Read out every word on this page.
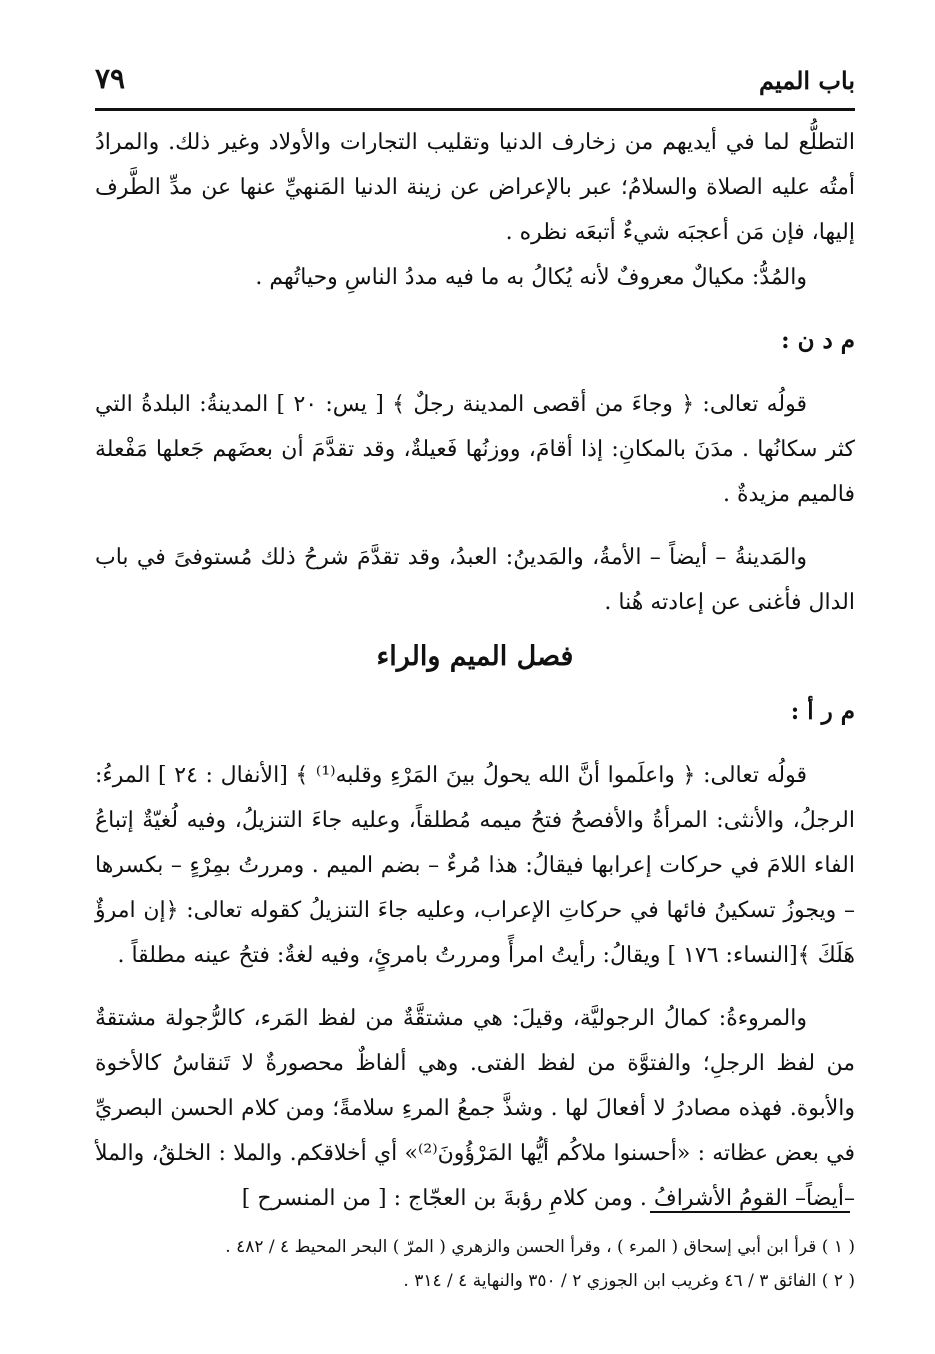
باب الميم
٧٩

التطلُّع لما في أيديهم من زخارف الدنيا وتقليب التجارات والأولاد وغير ذلك. والمرادُ أمتُه عليه الصلاة والسلامُ؛ عبر بالإعراض عن زينة الدنيا المَنهيِّ عنها عن مدِّ الطَّرف إليها، فإن مَن أعجبَه شيءٌ أتبعَه نظره .

والمُدُّ: مكيالٌ معروفٌ لأنه يُكالُ به ما فيه مددُ الناسِ وحياتُهم .

م د ن :

قولُه تعالى: ﴿ وجاءَ من أقصى المدينة رجلٌ ﴾ [ يس: ٢٠ ] المدينةُ: البلدةُ التي كثر سكانُها . مدَنَ بالمكانِ: إذا أقامَ، ووزنُها فَعيلةٌ، وقد تقدَّمَ أن بعضَهم جَعلها مَفْعلة فالميم مزيدةٌ .

والمَدينةُ – أيضاً – الأمةُ، والمَدينُ: العبدُ، وقد تقدَّمَ شرحُ ذلك مُستوفىً في باب الدال فأغنى عن إعادته هُنا .

فصل الميم والراء

م ر أ :

قولُه تعالى: ﴿ واعلَموا أنَّ الله يحولُ بينَ المَرْءِ وقلبه⁽¹⁾ ﴾ [الأنفال : ٢٤ ] المرءُ: الرجلُ، والأنثى: المرأةُ والأفصحُ فتحُ ميمه مُطلقاً، وعليه جاءَ التنزيلُ، وفيه لُغيّةٌ إتباعُ الفاء اللامَ في حركات إعرابها فيقالُ: هذا مُرءٌ – بضم الميم . ومررتُ بمِرْءٍ – بكسرها – ويجوزُ تسكينُ فائها في حركاتِ الإعراب، وعليه جاءَ التنزيلُ كقوله تعالى: ﴿إن امرؤٌ هَلَكَ ﴾[النساء: ١٧٦ ] ويقالُ: رأيتُ امرأً ومررتُ بامرئٍ، وفيه لغةٌ: فتحُ عينه مطلقاً .

والمروءةُ: كمالُ الرجوليَّة، وقيلَ: هي مشتقَّةٌ من لفظ المَرء، كالرُّجولة مشتقةٌ من لفظ الرجلِ؛ والفتوَّة من لفظ الفتى. وهي ألفاظٌ محصورةٌ لا تَنقاسُ كالأخوة والأبوة. فهذه مصادرُ لا أفعالَ لها . وشذَّ جمعُ المرءِ سلامةً؛ ومن كلام الحسن البصريِّ في بعض عظاته : «أحسنوا ملاكُم أيُّها المَرْؤُونَ⁽²⁾» أي أخلاقكم. والملا : الخلقُ، والملأ –أيضاً– القومُ الأشرافُ . ومن كلامِ رؤبةَ بن العجّاج : [ من المنسرح ]

( ١ ) قرأ ابن أبي إسحاق ( المرء ) ، وقرأ الحسن والزهري ( المرّ ) البحر المحيط ٤ / ٤٨٢ .

( ٢ ) الفائق ٣ / ٤٦ وغريب ابن الجوزي ٢ / ٣٥٠ والنهاية ٤ / ٣١٤ .
